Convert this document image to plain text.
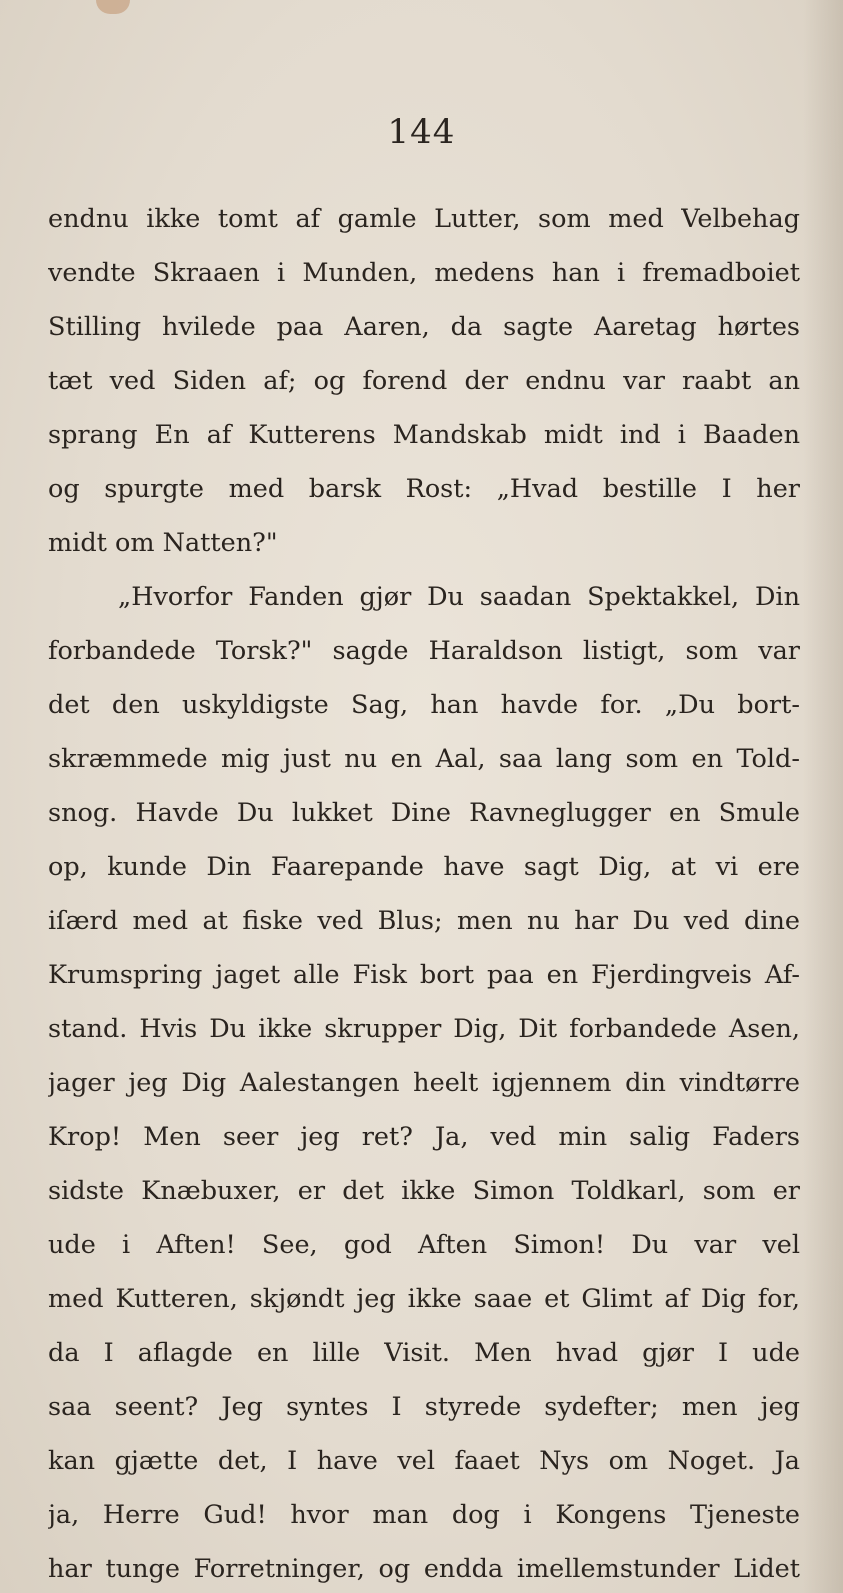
144
endnu ikke tomt af gamle Lutter, som med Velbehag
vendte Skraaen i Munden, medens han i fremadboiet
Stilling hvilede paa Aaren, da sagte Aaretag hørtes
tæt ved Siden af; og forend der endnu var raabt an
sprang En af Kutterens Mandskab midt ind i Baaden
og spurgte med barsk Rost: „Hvad bestille I her
midt om Natten?"
„Hvorfor Fanden gjør Du saadan Spektakkel, Din
forbandede Torsk?" sagde Haraldson listigt, som var
det den uskyldigste Sag, han havde for. „Du bort-
skræmmede mig just nu en Aal, saa lang som en Told-
snog. Havde Du lukket Dine Ravneglugger en Smule
op, kunde Din Faarepande have sagt Dig, at vi ere
iſærd med at fiske ved Blus; men nu har Du ved dine
Krumspring jaget alle Fisk bort paa en Fjerdingveis Af-
stand. Hvis Du ikke skrupper Dig, Dit forbandede Asen,
jager jeg Dig Aalestangen heelt igjennem din vindtørre
Krop! Men seer jeg ret? Ja, ved min salig Faders
sidste Knæbuxer, er det ikke Simon Toldkarl, som er
ude i Aften! See, god Aften Simon! Du var vel
med Kutteren, skjøndt jeg ikke saae et Glimt af Dig for,
da I aflagde en lille Visit. Men hvad gjør I ude
saa seent? Jeg syntes I styrede sydefter; men jeg
kan gjætte det, I have vel faaet Nys om Noget. Ja
ja, Herre Gud! hvor man dog i Kongens Tjeneste
har tunge Forretninger, og endda imellemstunder Lidet
